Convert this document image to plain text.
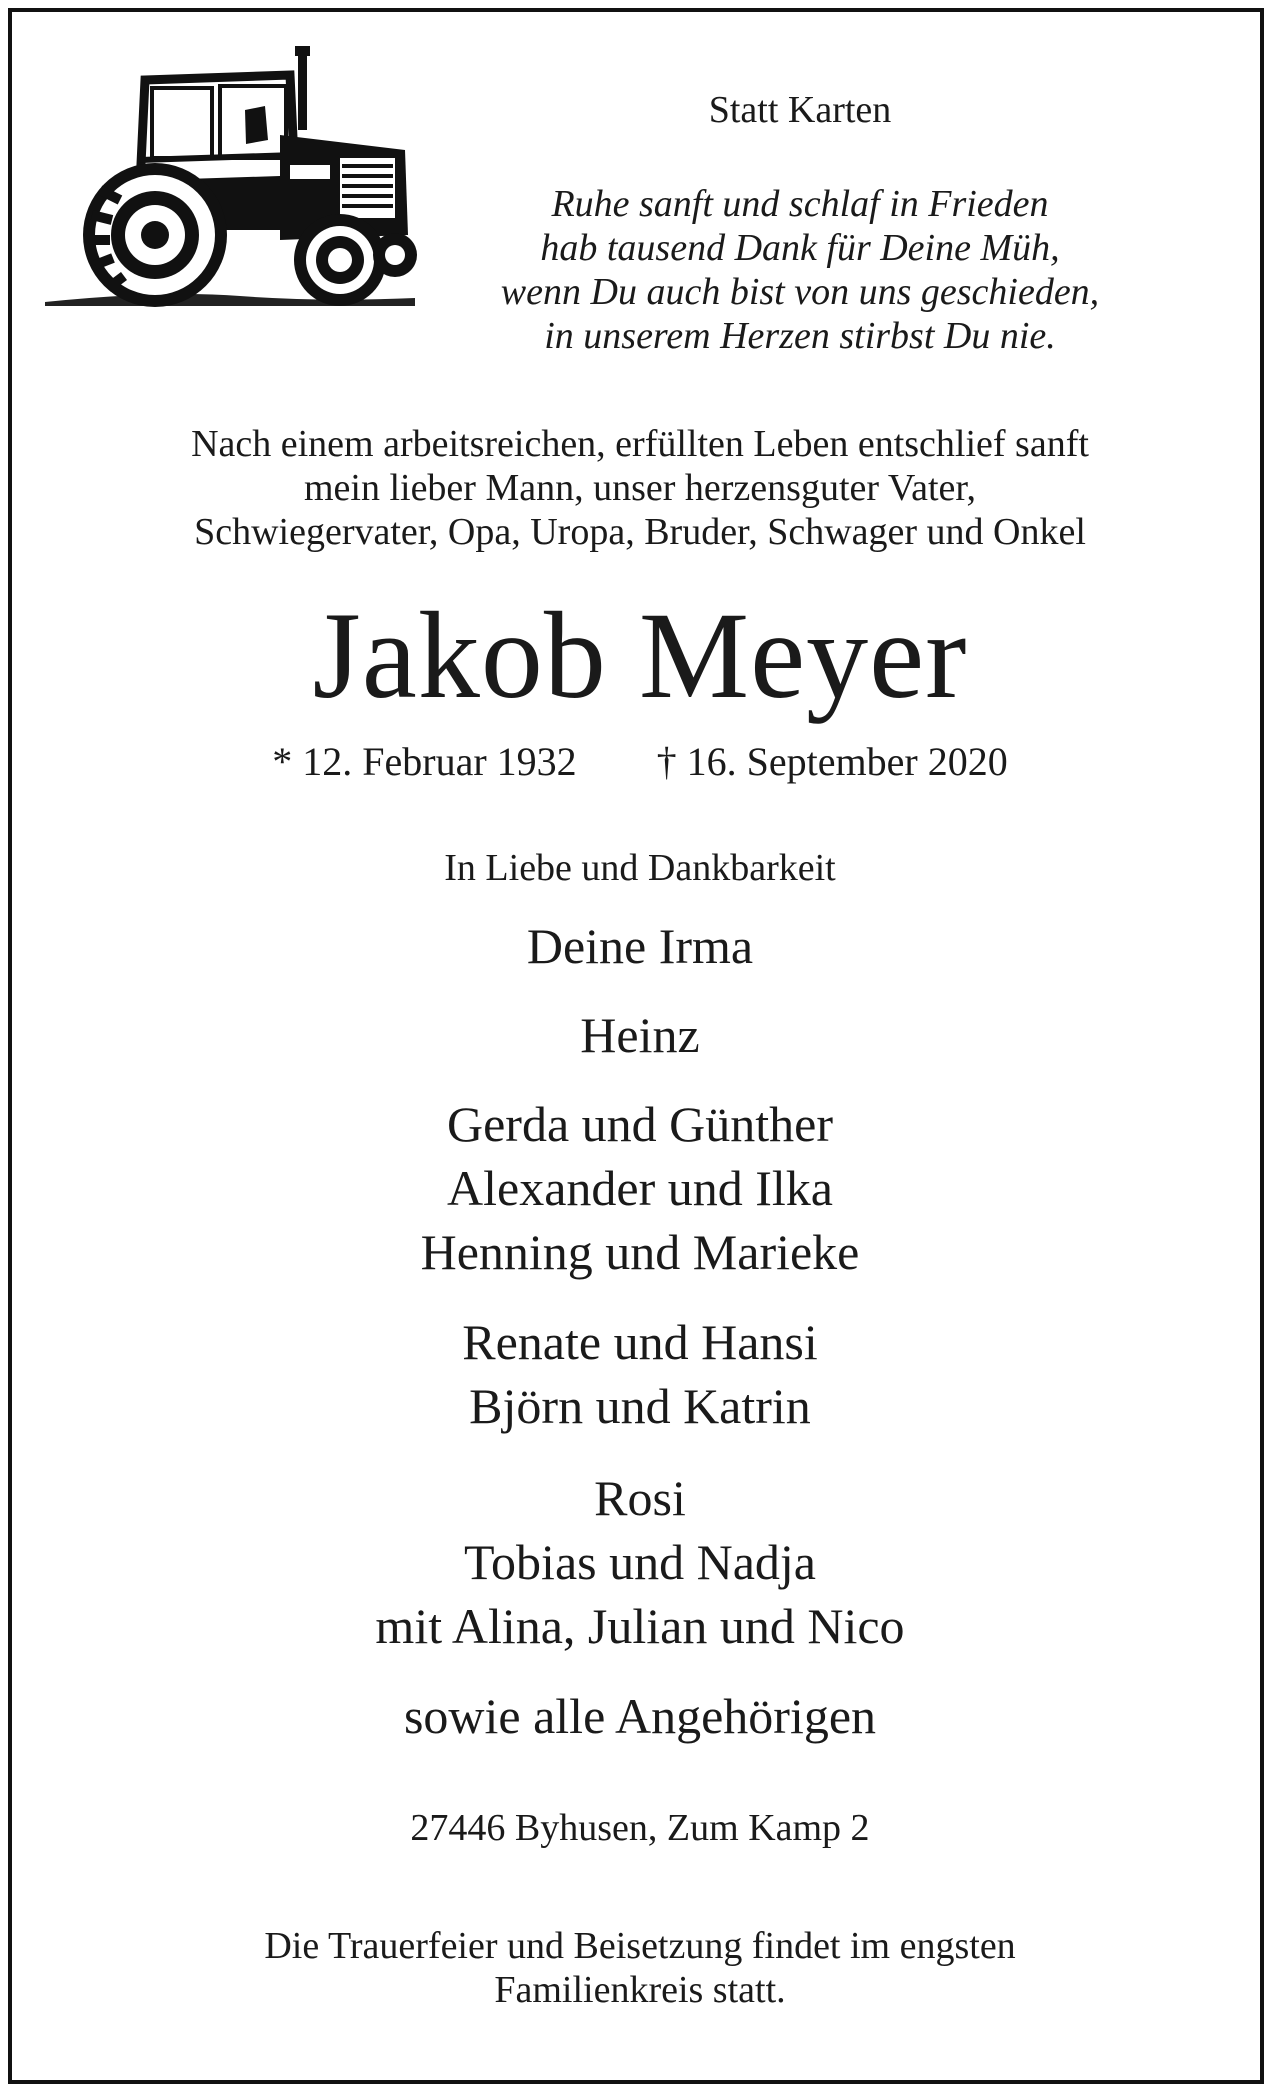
Statt Karten
Ruhe sanft und schlaf in Frieden
hab tausend Dank für Deine Müh,
wenn Du auch bist von uns geschieden,
in unserem Herzen stirbst Du nie.
Nach einem arbeitsreichen, erfüllten Leben entschlief sanft
mein lieber Mann, unser herzensguter Vater,
Schwiegervater, Opa, Uropa, Bruder, Schwager und Onkel
Jakob Meyer
* 12. Februar 1932 † 16. September 2020
In Liebe und Dankbarkeit
Deine Irma
Heinz
Gerda und Günther
Alexander und Ilka
Henning und Marieke
Renate und Hansi
Björn und Katrin
Rosi
Tobias und Nadja
mit Alina, Julian und Nico
sowie alle Angehörigen
27446 Byhusen, Zum Kamp 2
Die Trauerfeier und Beisetzung findet im engsten
Familienkreis statt.
